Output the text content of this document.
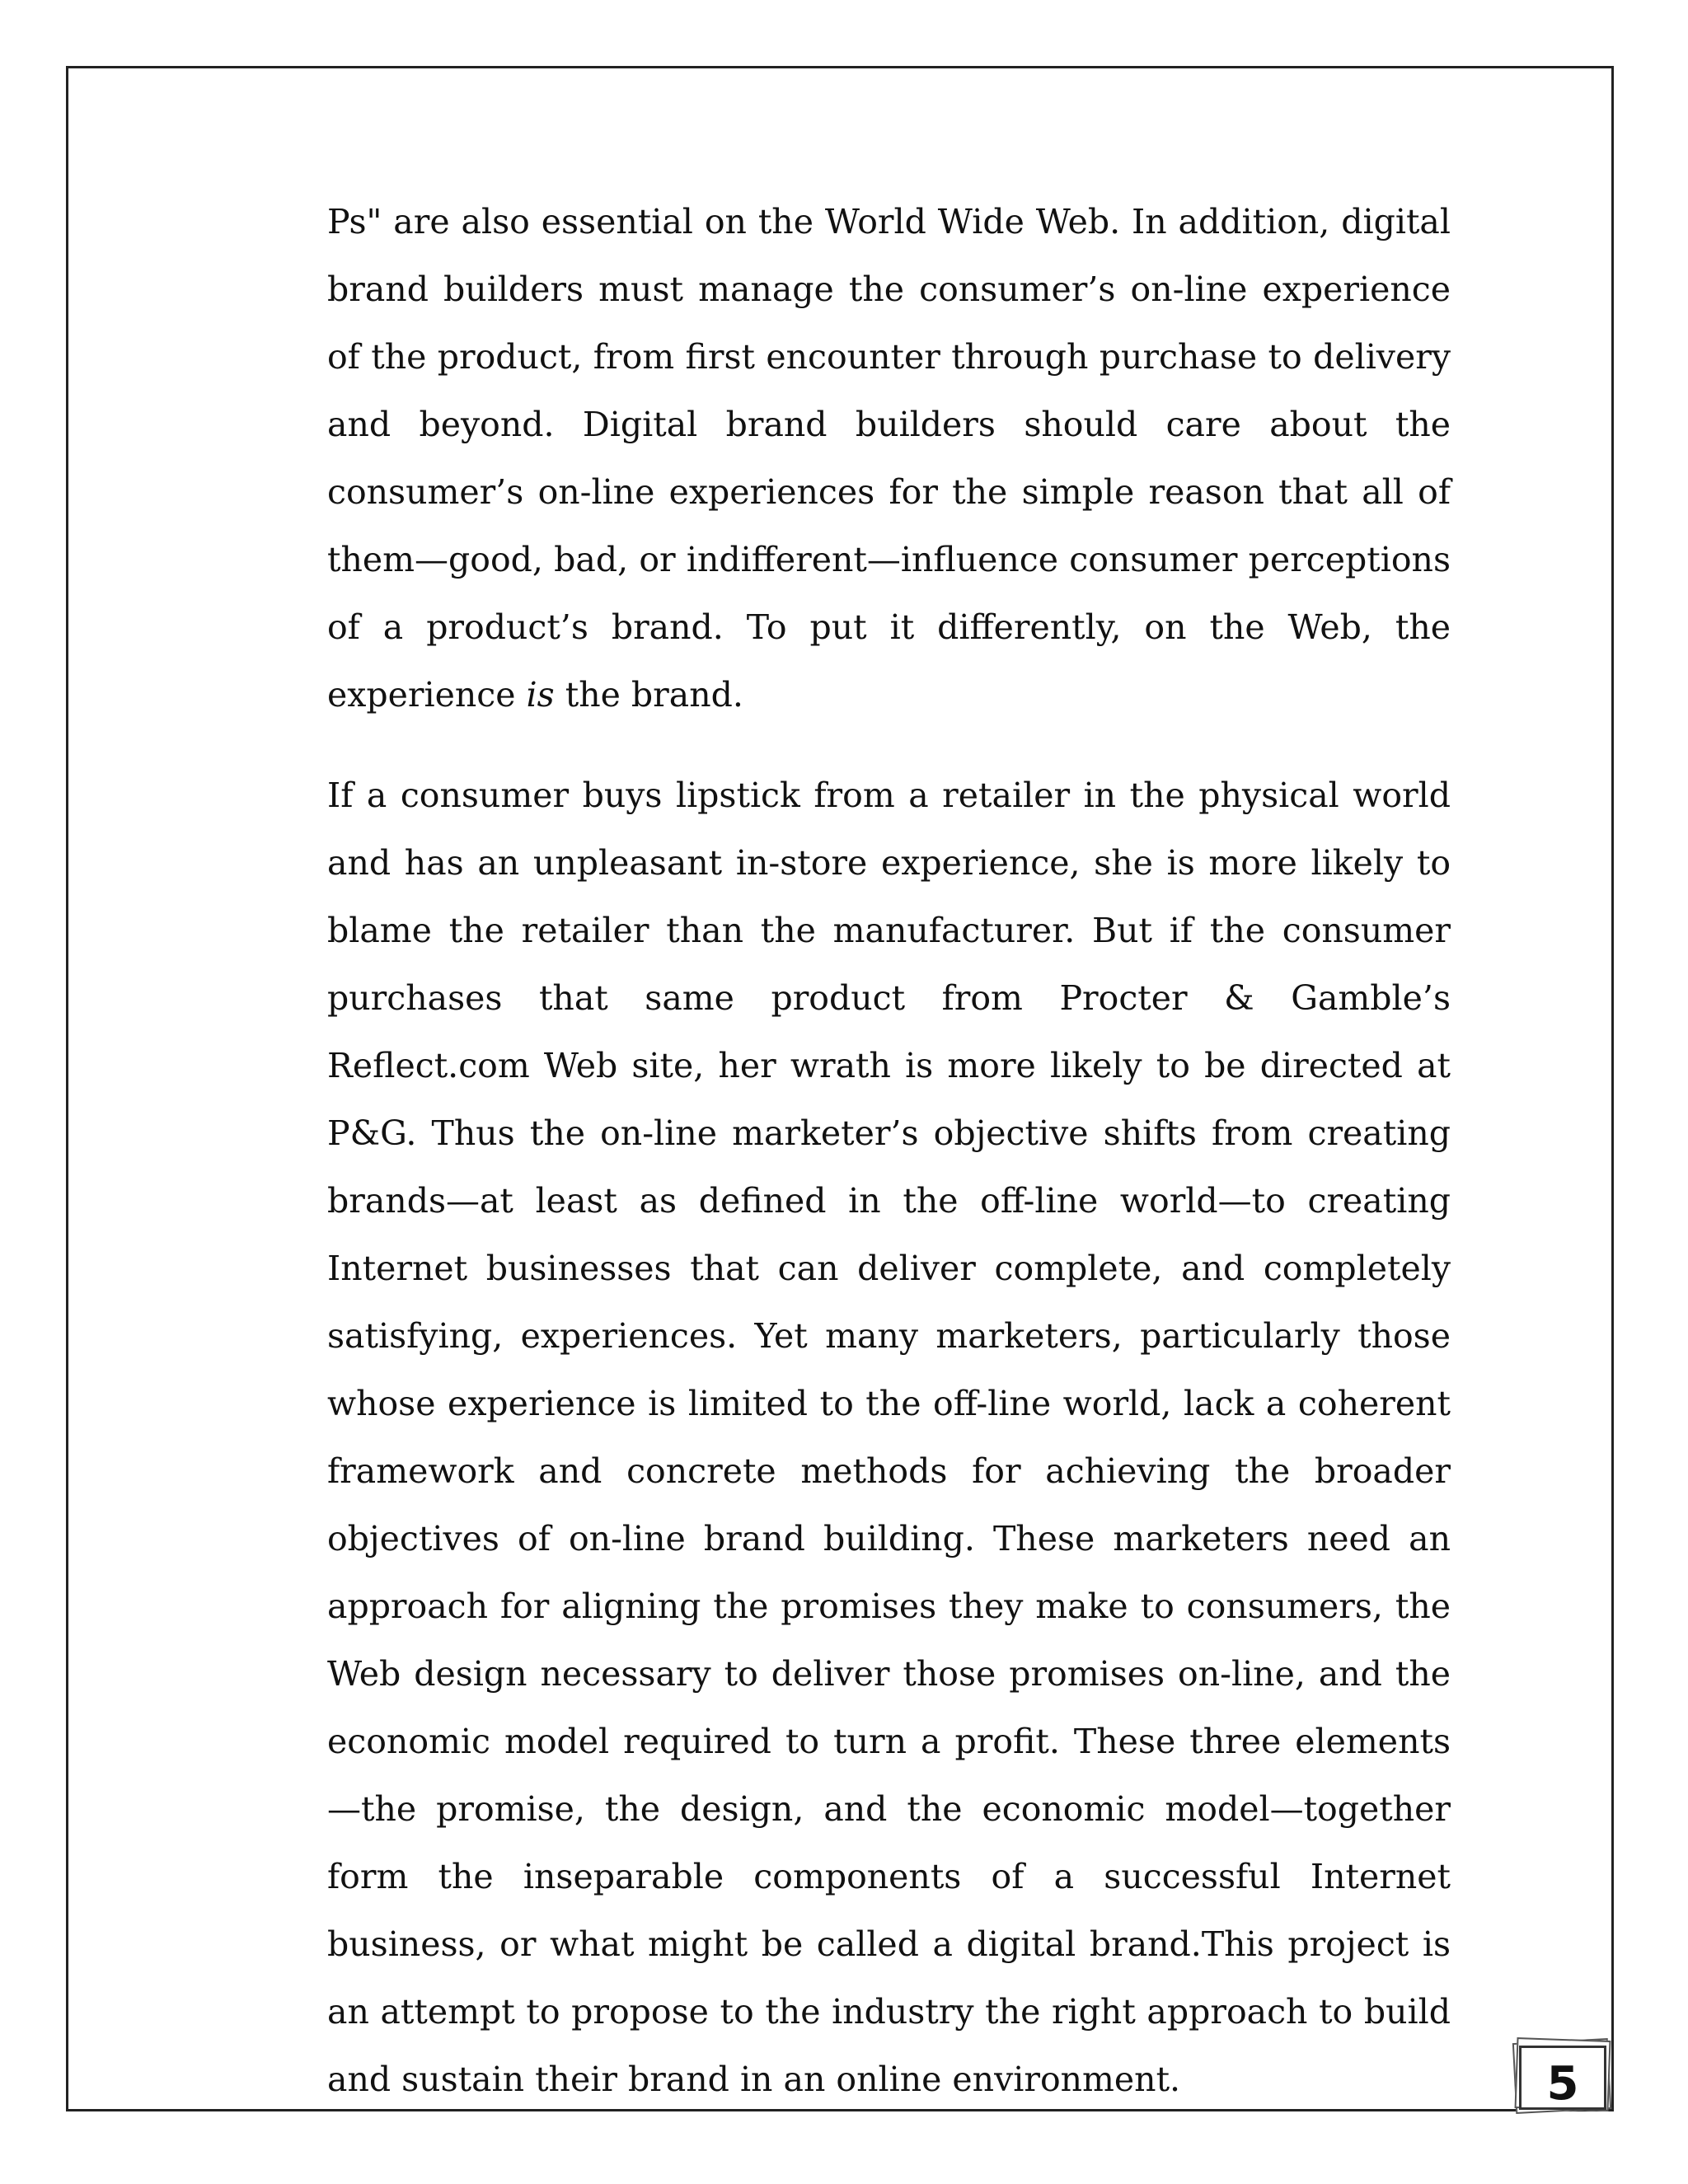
Ps" are also essential on the World Wide Web. In addition, digital brand builders must manage the consumer’s on-line experience of the product, from first encounter through purchase to delivery and beyond. Digital brand builders should care about the consumer’s on-line experiences for the simple reason that all of them—good, bad, or indifferent—influence consumer perceptions of a product’s brand. To put it differently, on the Web, the experience is the brand.

If a consumer buys lipstick from a retailer in the physical world and has an unpleasant in-store experience, she is more likely to blame the retailer than the manufacturer. But if the consumer purchases that same product from Procter & Gamble’s Reflect.com Web site, her wrath is more likely to be directed at P&G. Thus the on-line marketer’s objective shifts from creating brands—at least as defined in the off-line world—to creating Internet businesses that can deliver complete, and completely satisfying, experiences. Yet many marketers, particularly those whose experience is limited to the off-line world, lack a coherent framework and concrete methods for achieving the broader objectives of on-line brand building. These marketers need an approach for aligning the promises they make to consumers, the Web design necessary to deliver those promises on-line, and the economic model required to turn a profit. These three elements—the promise, the design, and the economic model—together form the inseparable components of a successful Internet business, or what might be called a digital brand.This project is an attempt to propose to the industry the right approach to build and sustain their brand in an online environment.	5
